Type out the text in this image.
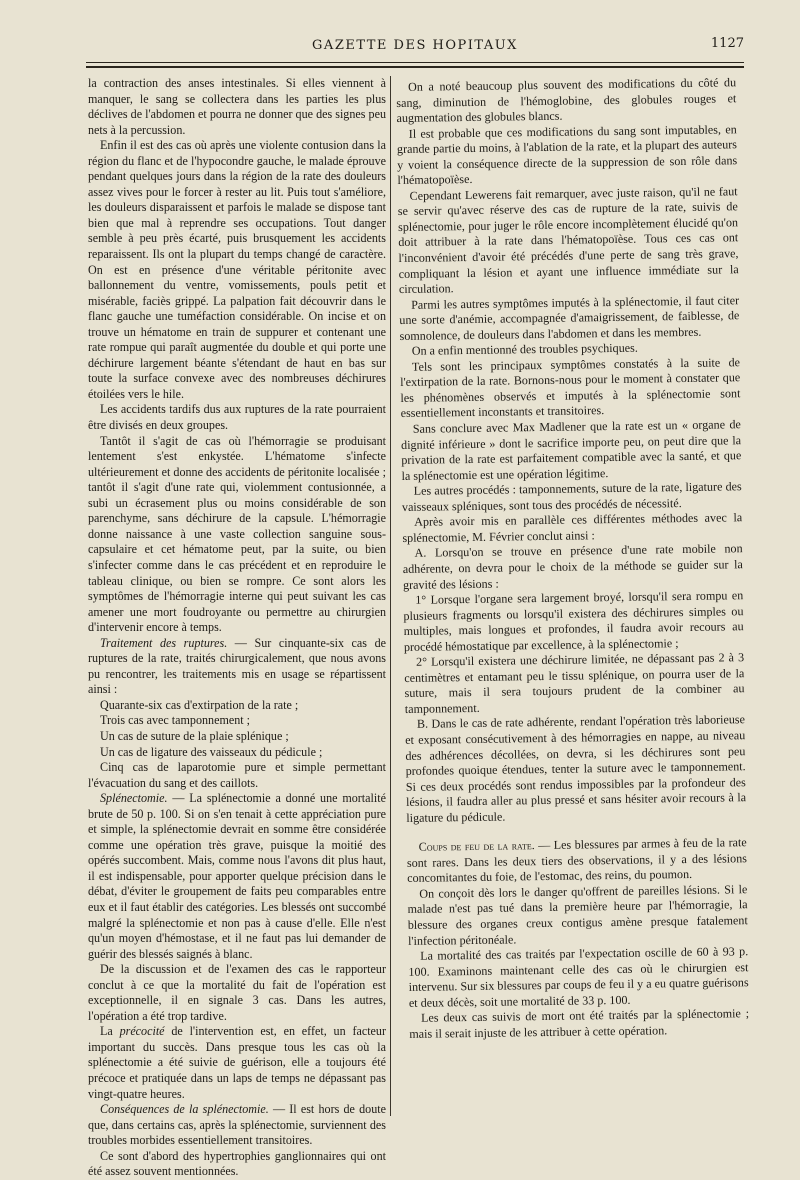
GAZETTE DES HOPITAUX	1127

la contraction des anses intestinales. Si elles viennent à manquer, le sang se collectera dans les parties les plus déclives de l'abdomen et pourra ne donner que des signes peu nets à la percussion.

Enfin il est des cas où après une violente contusion dans la région du flanc et de l'hypocondre gauche, le malade éprouve pendant quelques jours dans la région de la rate des douleurs assez vives pour le forcer à rester au lit. Puis tout s'améliore, les douleurs disparaissent et parfois le malade se dispose tant bien que mal à reprendre ses occupations. Tout danger semble à peu près écarté, puis brusquement les accidents reparaissent. Ils ont la plupart du temps changé de caractère. On est en présence d'une véritable péritonite avec ballonnement du ventre, vomissements, pouls petit et misérable, faciès grippé. La palpation fait découvrir dans le flanc gauche une tuméfaction considérable. On incise et on trouve un hématome en train de suppurer et contenant une rate rompue qui paraît augmentée du double et qui porte une déchirure largement béante s'étendant de haut en bas sur toute la surface convexe avec des nombreuses déchirures étoilées vers le hile.

Les accidents tardifs dus aux ruptures de la rate pourraient être divisés en deux groupes.

Tantôt il s'agit de cas où l'hémorragie se produisant lentement s'est enkystée. L'hématome s'infecte ultérieurement et donne des accidents de péritonite localisée ; tantôt il s'agit d'une rate qui, violemment contusionnée, a subi un écrasement plus ou moins considérable de son parenchyme, sans déchirure de la capsule. L'hémorragie donne naissance à une vaste collection sanguine sous-capsulaire et cet hématome peut, par la suite, ou bien s'infecter comme dans le cas précédent et en reproduire le tableau clinique, ou bien se rompre. Ce sont alors les symptômes de l'hémorragie interne qui peut suivant les cas amener une mort foudroyante ou permettre au chirurgien d'intervenir encore à temps.

Traitement des ruptures. — Sur cinquante-six cas de ruptures de la rate, traités chirurgicalement, que nous avons pu rencontrer, les traitements mis en usage se répartissent ainsi :

Quarante-six cas d'extirpation de la rate ;

Trois cas avec tamponnement ;

Un cas de suture de la plaie splénique ;

Un cas de ligature des vaisseaux du pédicule ;

Cinq cas de laparotomie pure et simple permettant l'évacuation du sang et des caillots.

Splénectomie. — La splénectomie a donné une mortalité brute de 50 p. 100. Si on s'en tenait à cette appréciation pure et simple, la splénectomie devrait en somme être considérée comme une opération très grave, puisque la moitié des opérés succombent. Mais, comme nous l'avons dit plus haut, il est indispensable, pour apporter quelque précision dans le débat, d'éviter le groupement de faits peu comparables entre eux et il faut établir des catégories. Les blessés ont succombé malgré la splénectomie et non pas à cause d'elle. Elle n'est qu'un moyen d'hémostase, et il ne faut pas lui demander de guérir des blessés saignés à blanc.

De la discussion et de l'examen des cas le rapporteur conclut à ce que la mortalité du fait de l'opération est exceptionnelle, il en signale 3 cas. Dans les autres, l'opération a été trop tardive.

La précocité de l'intervention est, en effet, un facteur important du succès. Dans presque tous les cas où la splénectomie a été suivie de guérison, elle a toujours été précoce et pratiquée dans un laps de temps ne dépassant pas vingt-quatre heures.

Conséquences de la splénectomie. — Il est hors de doute que, dans certains cas, après la splénectomie, surviennent des troubles morbides essentiellement transitoires.

Ce sont d'abord des hypertrophies ganglionnaires qui ont été assez souvent mentionnées.

On a noté beaucoup plus souvent des modifications du côté du sang, diminution de l'hémoglobine, des globules rouges et augmentation des globules blancs.

Il est probable que ces modifications du sang sont imputables, en grande partie du moins, à l'ablation de la rate, et la plupart des auteurs y voient la conséquence directe de la suppression de son rôle dans l'hématopoïèse.

Cependant Lewerens fait remarquer, avec juste raison, qu'il ne faut se servir qu'avec réserve des cas de rupture de la rate, suivis de splénectomie, pour juger le rôle encore incomplètement élucidé qu'on doit attribuer à la rate dans l'hématopoïèse. Tous ces cas ont l'inconvénient d'avoir été précédés d'une perte de sang très grave, compliquant la lésion et ayant une influence immédiate sur la circulation.

Parmi les autres symptômes imputés à la splénectomie, il faut citer une sorte d'anémie, accompagnée d'amaigrissement, de faiblesse, de somnolence, de douleurs dans l'abdomen et dans les membres.

On a enfin mentionné des troubles psychiques.

Tels sont les principaux symptômes constatés à la suite de l'extirpation de la rate. Bornons-nous pour le moment à constater que les phénomènes observés et imputés à la splénectomie sont essentiellement inconstants et transitoires.

Sans conclure avec Max Madlener que la rate est un « organe de dignité inférieure » dont le sacrifice importe peu, on peut dire que la privation de la rate est parfaitement compatible avec la santé, et que la splénectomie est une opération légitime.

Les autres procédés : tamponnements, suture de la rate, ligature des vaisseaux spléniques, sont tous des procédés de nécessité.

Après avoir mis en parallèle ces différentes méthodes avec la splénectomie, M. Février conclut ainsi :

A. Lorsqu'on se trouve en présence d'une rate mobile non adhérente, on devra pour le choix de la méthode se guider sur la gravité des lésions :

1° Lorsque l'organe sera largement broyé, lorsqu'il sera rompu en plusieurs fragments ou lorsqu'il existera des déchirures simples ou multiples, mais longues et profondes, il faudra avoir recours au procédé hémostatique par excellence, à la splénectomie ;

2° Lorsqu'il existera une déchirure limitée, ne dépassant pas 2 à 3 centimètres et entamant peu le tissu splénique, on pourra user de la suture, mais il sera toujours prudent de la combiner au tamponnement.

B. Dans le cas de rate adhérente, rendant l'opération très laborieuse et exposant consécutivement à des hémorragies en nappe, au niveau des adhérences décollées, on devra, si les déchirures sont peu profondes quoique étendues, tenter la suture avec le tamponnement. Si ces deux procédés sont rendus impossibles par la profondeur des lésions, il faudra aller au plus pressé et sans hésiter avoir recours à la ligature du pédicule.

Coups de feu de la rate. — Les blessures par armes à feu de la rate sont rares. Dans les deux tiers des observations, il y a des lésions concomitantes du foie, de l'estomac, des reins, du poumon.

On conçoit dès lors le danger qu'offrent de pareilles lésions. Si le malade n'est pas tué dans la première heure par l'hémorragie, la blessure des organes creux contigus amène presque fatalement l'infection péritonéale.

La mortalité des cas traités par l'expectation oscille de 60 à 93 p. 100. Examinons maintenant celle des cas où le chirurgien est intervenu. Sur six blessures par coups de feu il y a eu quatre guérisons et deux décès, soit une mortalité de 33 p. 100.

Les deux cas suivis de mort ont été traités par la splénectomie ; mais il serait injuste de les attribuer à cette opération.
